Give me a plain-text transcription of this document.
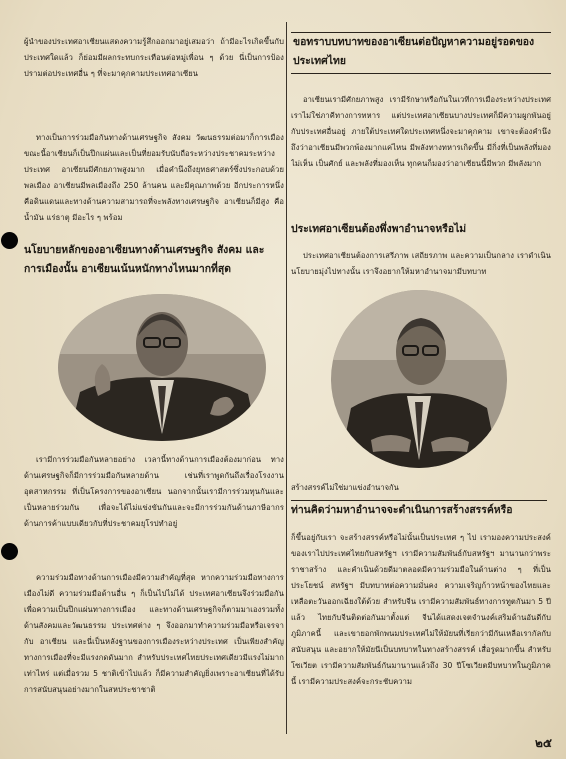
ผู้นำของประเทศอาเซียนแสดงความรู้สึกออกมาอยู่เสมอว่า ถ้ามีอะไรเกิดขึ้นกับประเทศใดแล้ว ก็ย่อมมีผลกระทบกระเทือนต่อหมู่เพื่อน ๆ ด้วย นี่เป็นการป้องปรามต่อประเทศอื่น ๆ ที่จะมาคุกคามประเทศอาเซียน

ทางเป็นการร่วมมือกันทางด้านเศรษฐกิจ สังคม วัฒนธรรมต่อมาก็การเมือง ขณะนี้อาเซียนก็เป็นปึกแผ่นและเป็นที่ยอมรับนับถือระหว่างประชาคมระหว่างประเทศ อาเซียนมีศักยภาพสูงมาก เมื่อคำนึงถึงยุทธศาสตร์ซึ่งประกอบด้วยพลเมือง อาเซียนมีพลเมืองถึง 250 ล้านคน และมีคุณภาพด้วย อีกประการหนึ่งคือดินแดนและทางด้านความสามารถที่จะพลังทางเศรษฐกิจ อาเซียนก็มีสูง คือ น้ำมัน แร่ธาตุ มีอะไร ๆ พร้อม

นโยบายหลักของอาเซียนทางด้านเศรษฐกิจ สังคม และการเมืองนั้น อาเซียนเน้นหนักทางไหนมากที่สุด

เรามีการร่วมมือกันหลายอย่าง เวลานี้ทางด้านการเมืองต้องมาก่อน ทางด้านเศรษฐกิจก็มีการร่วมมือกันหลายด้าน เช่นที่เราพูดกันถึงเรื่องโรงงานอุตสาหกรรม ที่เป็นโครงการของอาเซียน นอกจากนั้นเรามีการร่วมทุนกันและเป็นหลายร่วมกัน เพื่อจะได้ไม่แข่งขันกันและจะมีการร่วมกันด้านภาษีอากร ด้านการค้าแบบเดียวกับที่ประชาคมยุโรปทำอยู่

ความร่วมมือทางด้านการเมืองมีความสำคัญที่สุด หากความร่วมมือทางการเมืองไม่ดี ความร่วมมือด้านอื่น ๆ ก็เป็นไปไม่ได้ ประเทศอาเซียนจึงร่วมมือกันเพื่อความเป็นปึกแผ่นทางการเมือง และทางด้านเศรษฐกิจก็ตามมาเองรวมทั้งด้านสังคมและวัฒนธรรม ประเทศต่าง ๆ จึงออกมาทำความร่วมมือหรือเจรจากับ อาเซียน และนี่เป็นหลังฐานของการเมืองระหว่างประเทศ เป็นเพียงสำคัญทางการเมืองที่จะมีแรงกดดันมาก สำหรับประเทศไทยประเทศเดียวมีแรงไม่มากเท่าไหร่ แต่เมื่อรวม 5 ชาติเข้าไปแล้ว ก็มีความสำคัญยิ่งเพราะอาเซียนที่ได้รับการสนับสนุนอย่างมากในสหประชาชาติ

ขอทราบบทบาทของอาเซียนต่อปัญหาความอยู่รอดของประเทศไทย

อาเซียนเรามีศักยภาพสูง เรามีรักษาหรือกันในเวทีการเมืองระหว่างประเทศ เราไม่ใช่ภาคีทางการทหาร แต่ประเทศอาเซียนบางประเทศก็มีความผูกพันอยู่กับประเทศอื่นอยู่ ภายใต้ประเทศใดประเทศหนึ่งจะมาคุกคาม เขาจะต้องคำนึงถึงว่าอาเซียนมีพวกพ้องมากแค่ไหน มีพลังทางทหารเกิดขึ้น มีกิ่งที่เป็นพลังที่มองไม่เห็น เป็นศักย์ และพลังที่มองเห็น ทุกคนก็มองว่าอาเซียนนี้มีพวก มีพลังมาก

ประเทศอาเซียนต้องพึ่งพาอำนาจหรือไม่

ประเทศอาเซียนต้องการเสรีภาพ เสถียรภาพ และความเป็นกลาง เราดำเนินนโยบายมุ่งไปทางนั้น เราจึงอยากให้มหาอำนาจมามีบทบาท

สร้างสรรค์ไม่ใช่มาแข่งอำนาจกัน

ท่านคิดว่ามหาอำนาจจะดำเนินการสร้างสรรค์หรือ

ก็ขึ้นอยู่กับเรา จะสร้างสรรค์หรือไม่นั้นเป็นประเทศ ๆ ไป เรามองความประสงค์ของเราไปประเทศไทยกับสหรัฐฯ เรามีความสัมพันธ์กับสหรัฐฯ มานานกว่าพระราชาสร้าง และคำเนินด้วยดีมาตลอดมีความร่วมมือในด้านต่าง ๆ ที่เป็นประโยชน์ สหรัฐฯ มีบทบาทต่อความมั่นคง ความเจริญก้าวหน้าของไทยและเหลือตะวันออกเฉียงใต้ด้วย สำหรับจีน เรามีความสัมพันธ์ทางการทูตกันมา 5 ปีแล้ว ไทยกับจีนติดต่อกันมาตั้งแต่ จีนได้แสดงเจตจำนงค์เสริมด้านอันดีกับภูมิภาคนี้ และเขายอกพักพนมประเทศไม่ให้มัยนที่เรียกว่ามีกันเหลือเรากัลกับสนับสนุน และอยากให้มัยนีเป็นบทบาทในทางสร้างสรรค์ เสื่อรูดมากขึ้น สำหรับโซเวียต เรามีความสัมพันธ์กันมานานแล้วถึง 30 ปีโซเวียตมีบทบาทในภูมิภาคนี้ เรามีความประสงค์จะกระชับความ

๒๕
